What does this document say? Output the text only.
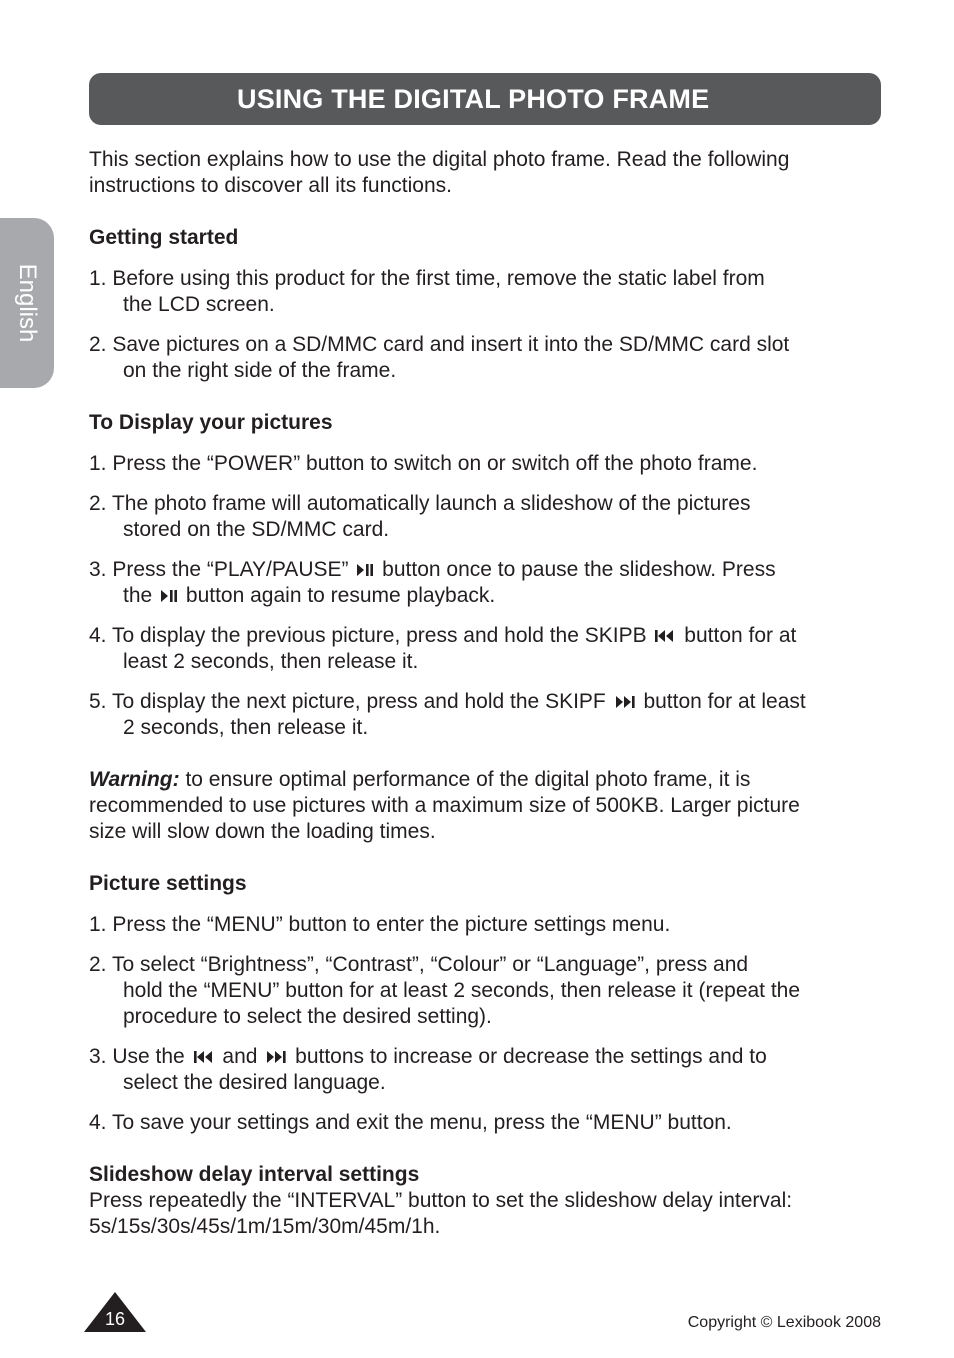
USING THE DIGITAL PHOTO FRAME
English
This section explains how to use the digital photo frame. Read the following
instructions to discover all its functions.
Getting started
1. Before using this product for the first time, remove the static label from
the LCD screen.
2. Save pictures on a SD/MMC card and insert it into the SD/MMC card slot
on the right side of the frame.
To Display your pictures
1. Press the “POWER” button to switch on or switch off the photo frame.
2. The photo frame will automatically launch a slideshow of the pictures
stored on the SD/MMC card.
3. Press the “PLAY/PAUSE”
button once to pause the slideshow. Press
the button again to resume playback.
4. To display the previous picture, press and hold the SKIPB button for at
least 2 seconds, then release it.
5. To display the next picture, press and hold the SKIPF button for at least
2 seconds, then release it.
Warning: to ensure optimal performance of the digital photo frame, it is
recommended to use pictures with a maximum size of 500KB. Larger picture
size will slow down the loading times.
Picture settings
1. Press the “MENU” button to enter the picture settings menu.
2. To select “Brightness”, “Contrast”, “Colour” or “Language”, press and
hold the “MENU” button for at least 2 seconds, then release it (repeat the
procedure to select the desired setting).
3. Use the and buttons to increase or decrease the settings and to
select the desired language.
4. To save your settings and exit the menu, press the “MENU” button.
Slideshow delay interval settings
Press repeatedly the “INTERVAL” button to set the slideshow delay interval:
5s/15s/30s/45s/1m/15m/30m/45m/1h.
16	Copyright © Lexibook 2008
